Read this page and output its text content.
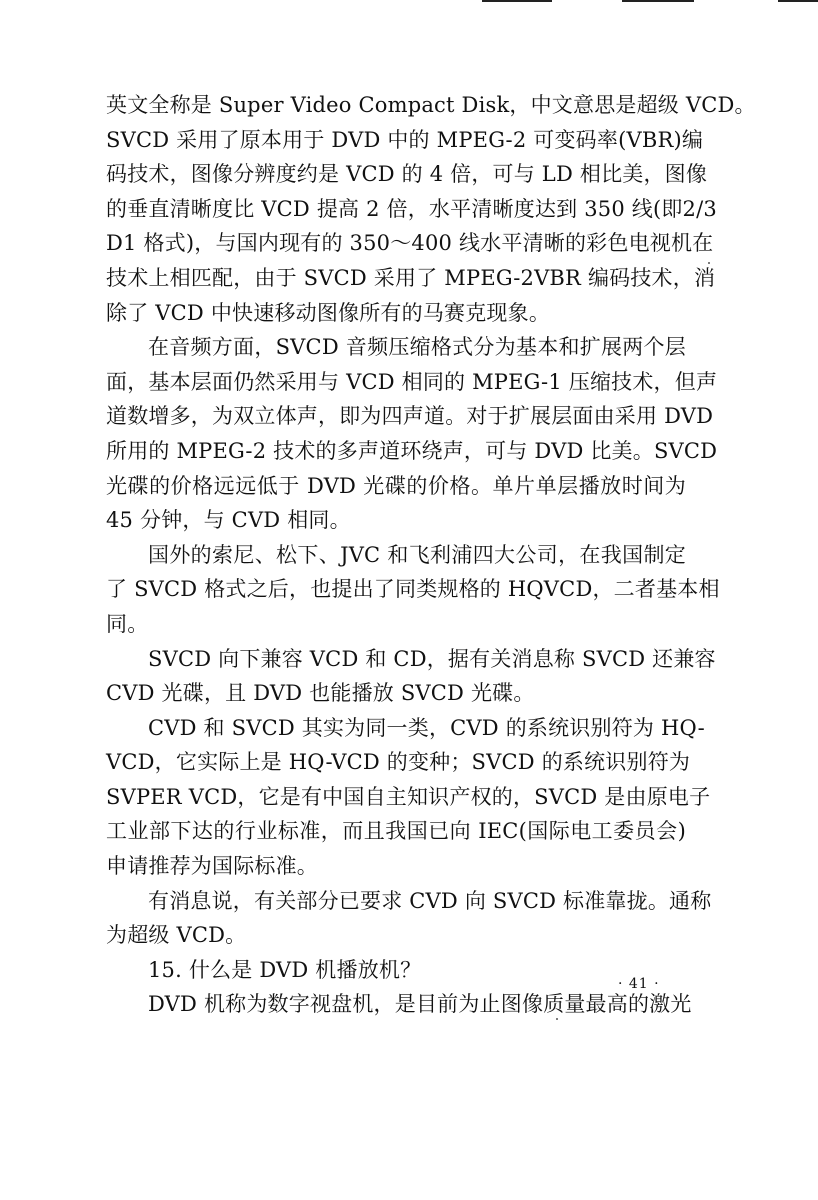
英文全称是 Super Video Compact Disk，中文意思是超级 VCD。
SVCD 采用了原本用于 DVD 中的 MPEG-2 可变码率(VBR)编
码技术，图像分辨度约是 VCD 的 4 倍，可与 LD 相比美，图像
的垂直清晰度比 VCD 提高 2 倍，水平清晰度达到 350 线(即2/3
D1 格式)，与国内现有的 350～400 线水平清晰的彩色电视机在
技术上相匹配，由于 SVCD 采用了 MPEG-2VBR 编码技术，消
除了 VCD 中快速移动图像所有的马赛克现象。
在音频方面，SVCD 音频压缩格式分为基本和扩展两个层
面，基本层面仍然采用与 VCD 相同的 MPEG-1 压缩技术，但声
道数增多，为双立体声，即为四声道。对于扩展层面由采用 DVD
所用的 MPEG-2 技术的多声道环绕声，可与 DVD 比美。SVCD
光碟的价格远远低于 DVD 光碟的价格。单片单层播放时间为
45 分钟，与 CVD 相同。
国外的索尼、松下、JVC 和飞利浦四大公司，在我国制定
了 SVCD 格式之后，也提出了同类规格的 HQVCD，二者基本相
同。
SVCD 向下兼容 VCD 和 CD，据有关消息称 SVCD 还兼容
CVD 光碟，且 DVD 也能播放 SVCD 光碟。
CVD 和 SVCD 其实为同一类，CVD 的系统识别符为 HQ-
VCD，它实际上是 HQ-VCD 的变种；SVCD 的系统识别符为
SVPER VCD，它是有中国自主知识产权的，SVCD 是由原电子
工业部下达的行业标准，而且我国已向 IEC(国际电工委员会)
申请推荐为国际标准。
有消息说，有关部分已要求 CVD 向 SVCD 标准靠拢。通称
为超级 VCD。
15. 什么是 DVD 机播放机？
DVD 机称为数字视盘机，是目前为止图像质量最高的激光
· 41 ·
